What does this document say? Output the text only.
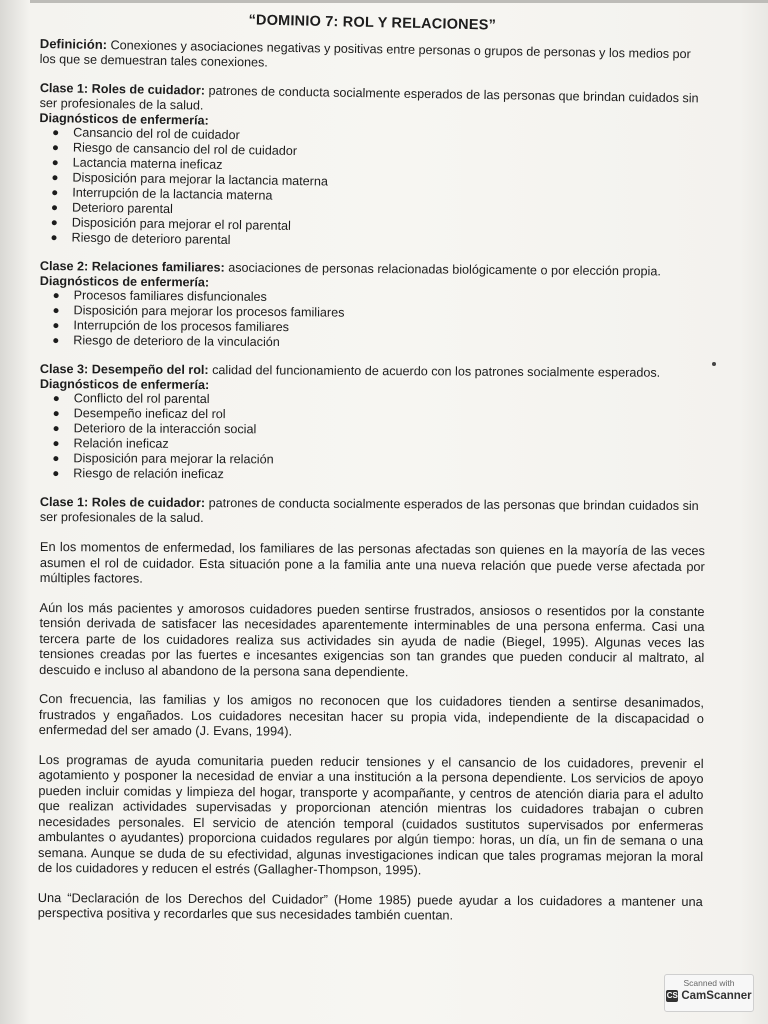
“DOMINIO 7: ROL Y RELACIONES”

Definición: Conexiones y asociaciones negativas y positivas entre personas o grupos de personas y los medios por los que se demuestran tales conexiones.

Clase 1: Roles de cuidador: patrones de conducta socialmente esperados de las personas que brindan cuidados sin ser profesionales de la salud.

Diagnósticos de enfermería:

Cansancio del rol de cuidador
Riesgo de cansancio del rol de cuidador
Lactancia materna ineficaz
Disposición para mejorar la lactancia materna
Interrupción de la lactancia materna
Deterioro parental
Disposición para mejorar el rol parental
Riesgo de deterioro parental

Clase 2: Relaciones familiares: asociaciones de personas relacionadas biológicamente o por elección propia.

Diagnósticos de enfermería:

Procesos familiares disfuncionales
Disposición para mejorar los procesos familiares
Interrupción de los procesos familiares
Riesgo de deterioro de la vinculación

Clase 3: Desempeño del rol: calidad del funcionamiento de acuerdo con los patrones socialmente esperados.

Diagnósticos de enfermería:

Conflicto del rol parental
Desempeño ineficaz del rol
Deterioro de la interacción social
Relación ineficaz
Disposición para mejorar la relación
Riesgo de relación ineficaz

Clase 1: Roles de cuidador: patrones de conducta socialmente esperados de las personas que brindan cuidados sin ser profesionales de la salud.

En los momentos de enfermedad, los familiares de las personas afectadas son quienes en la mayoría de las veces asumen el rol de cuidador. Esta situación pone a la familia ante una nueva relación que puede verse afectada por múltiples factores.

Aún los más pacientes y amorosos cuidadores pueden sentirse frustrados, ansiosos o resentidos por la constante tensión derivada de satisfacer las necesidades aparentemente interminables de una persona enferma. Casi una tercera parte de los cuidadores realiza sus actividades sin ayuda de nadie (Biegel, 1995). Algunas veces las tensiones creadas por las fuertes e incesantes exigencias son tan grandes que pueden conducir al maltrato, al descuido e incluso al abandono de la persona sana dependiente.

Con frecuencia, las familias y los amigos no reconocen que los cuidadores tienden a sentirse desanimados, frustrados y engañados. Los cuidadores necesitan hacer su propia vida, independiente de la discapacidad o enfermedad del ser amado (J. Evans, 1994).

Los programas de ayuda comunitaria pueden reducir tensiones y el cansancio de los cuidadores, prevenir el agotamiento y posponer la necesidad de enviar a una institución a la persona dependiente. Los servicios de apoyo pueden incluir comidas y limpieza del hogar, transporte y acompañante, y centros de atención diaria para el adulto que realizan actividades supervisadas y proporcionan atención mientras los cuidadores trabajan o cubren necesidades personales. El servicio de atención temporal (cuidados sustitutos supervisados por enfermeras ambulantes o ayudantes) proporciona cuidados regulares por algún tiempo: horas, un día, un fin de semana o una semana. Aunque se duda de su efectividad, algunas investigaciones indican que tales programas mejoran la moral de los cuidadores y reducen el estrés (Gallagher-Thompson, 1995).

Una “Declaración de los Derechos del Cuidador” (Home 1985) puede ayudar a los cuidadores a mantener una perspectiva positiva y recordarles que sus necesidades también cuentan.

Scanned with
CS CamScanner
